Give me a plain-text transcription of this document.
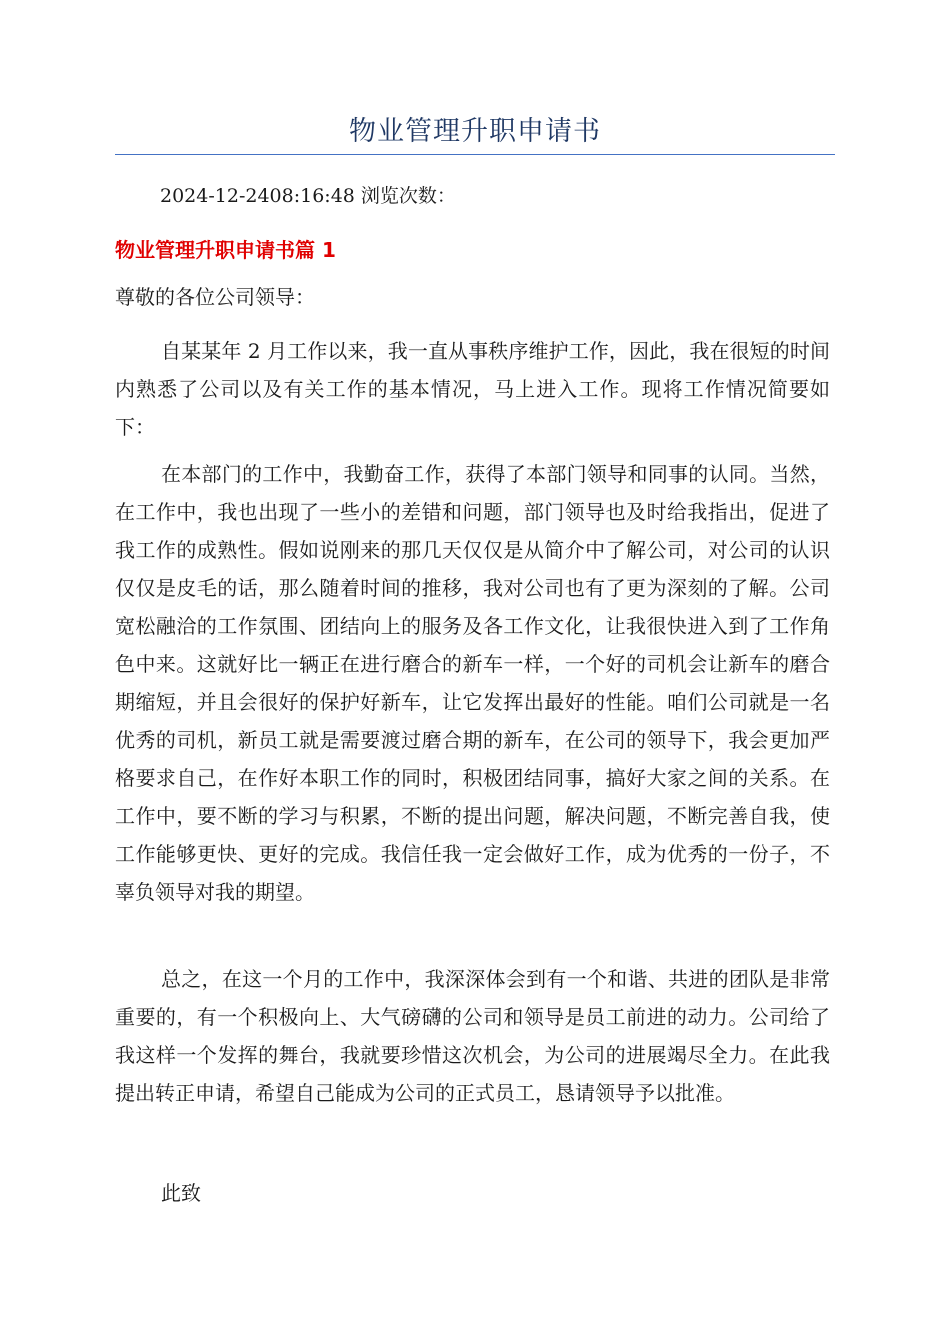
物业管理升职申请书
2024-12-2408:16:48 浏览次数：
物业管理升职申请书篇 1
尊敬的各位公司领导：

自某某年 2 月工作以来，我一直从事秩序维护工作，因此，我在很短的时间内熟悉了公司以及有关工作的基本情况，马上进入工作。现将工作情况简要如下：

在本部门的工作中，我勤奋工作，获得了本部门领导和同事的认同。当然，在工作中，我也出现了一些小的差错和问题，部门领导也及时给我指出，促进了我工作的成熟性。假如说刚来的那几天仅仅是从简介中了解公司，对公司的认识仅仅是皮毛的话，那么随着时间的推移，我对公司也有了更为深刻的了解。公司宽松融洽的工作氛围、团结向上的服务及各工作文化，让我很快进入到了工作角色中来。这就好比一辆正在进行磨合的新车一样，一个好的司机会让新车的磨合期缩短，并且会很好的保护好新车，让它发挥出最好的性能。咱们公司就是一名优秀的司机，新员工就是需要渡过磨合期的新车，在公司的领导下，我会更加严格要求自己，在作好本职工作的同时，积极团结同事，搞好大家之间的关系。在工作中，要不断的学习与积累，不断的提出问题，解决问题，不断完善自我，使工作能够更快、更好的完成。我信任我一定会做好工作，成为优秀的一份子，不辜负领导对我的期望。

总之，在这一个月的工作中，我深深体会到有一个和谐、共进的团队是非常重要的，有一个积极向上、大气磅礴的公司和领导是员工前进的动力。公司给了我这样一个发挥的舞台，我就要珍惜这次机会，为公司的进展竭尽全力。在此我提出转正申请，希望自己能成为公司的正式员工，恳请领导予以批准。

此致
